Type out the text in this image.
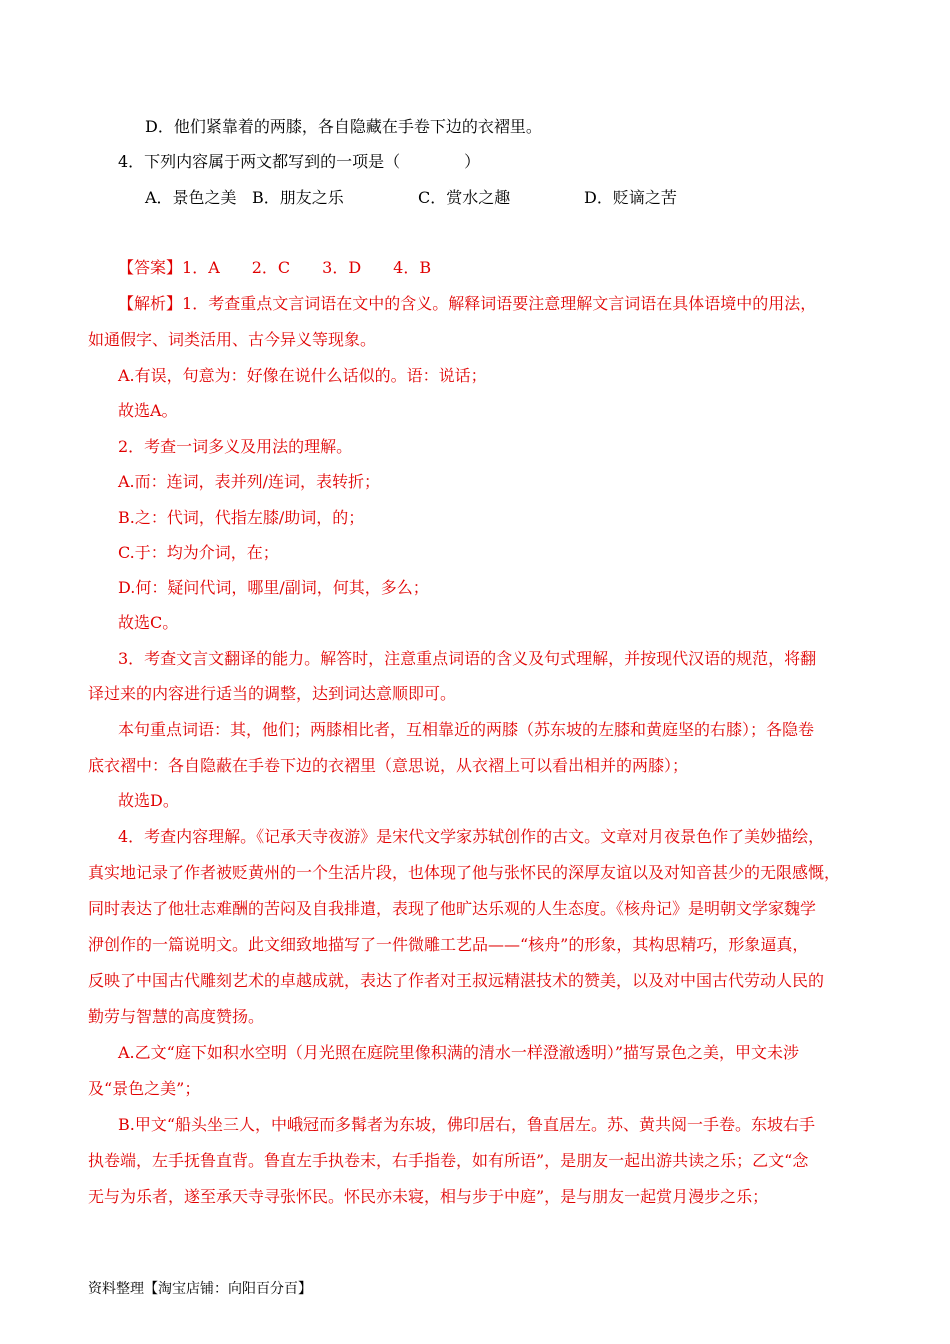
D．他们紧靠着的两膝，各自隐藏在手卷下边的衣褶里。
4．下列内容属于两文都写到的一项是（　　　　）
A．景色之美 B．朋友之乐	C．赏水之趣	D．贬谪之苦
【答案】1．A　　2．C　　3．D　　4．B
【解析】1．考查重点文言词语在文中的含义。解释词语要注意理解文言词语在具体语境中的用法，
如通假字、词类活用、古今异义等现象。
A.有误，句意为：好像在说什么话似的。语：说话；
故选A。
2．考查一词多义及用法的理解。
A.而：连词，表并列/连词，表转折；
B.之：代词，代指左膝/助词，的；
C.于：均为介词，在；
D.何：疑问代词，哪里/副词，何其，多么；
故选C。
3．考查文言文翻译的能力。解答时，注意重点词语的含义及句式理解，并按现代汉语的规范，将翻
译过来的内容进行适当的调整，达到词达意顺即可。
本句重点词语：其，他们；两膝相比者，互相靠近的两膝（苏东坡的左膝和黄庭坚的右膝）；各隐卷
底衣褶中：各自隐蔽在手卷下边的衣褶里（意思说，从衣褶上可以看出相并的两膝）；
故选D。
4．考查内容理解。《记承天寺夜游》是宋代文学家苏轼创作的古文。文章对月夜景色作了美妙描绘，
真实地记录了作者被贬黄州的一个生活片段，也体现了他与张怀民的深厚友谊以及对知音甚少的无限感慨，
同时表达了他壮志难酬的苦闷及自我排遣，表现了他旷达乐观的人生态度。《核舟记》是明朝文学家魏学
洢创作的一篇说明文。此文细致地描写了一件微雕工艺品——“核舟”的形象，其构思精巧，形象逼真，
反映了中国古代雕刻艺术的卓越成就，表达了作者对王叔远精湛技术的赞美，以及对中国古代劳动人民的
勤劳与智慧的高度赞扬。
A.乙文“庭下如积水空明（月光照在庭院里像积满的清水一样澄澈透明）”描写景色之美，甲文未涉
及“景色之美”；
B.甲文“船头坐三人，中峨冠而多髯者为东坡，佛印居右，鲁直居左。苏、黄共阅一手卷。东坡右手
执卷端，左手抚鲁直背。鲁直左手执卷末，右手指卷，如有所语”，是朋友一起出游共读之乐；乙文“念
无与为乐者，遂至承天寺寻张怀民。怀民亦未寝，相与步于中庭”，是与朋友一起赏月漫步之乐；
资料整理【淘宝店铺：向阳百分百】
